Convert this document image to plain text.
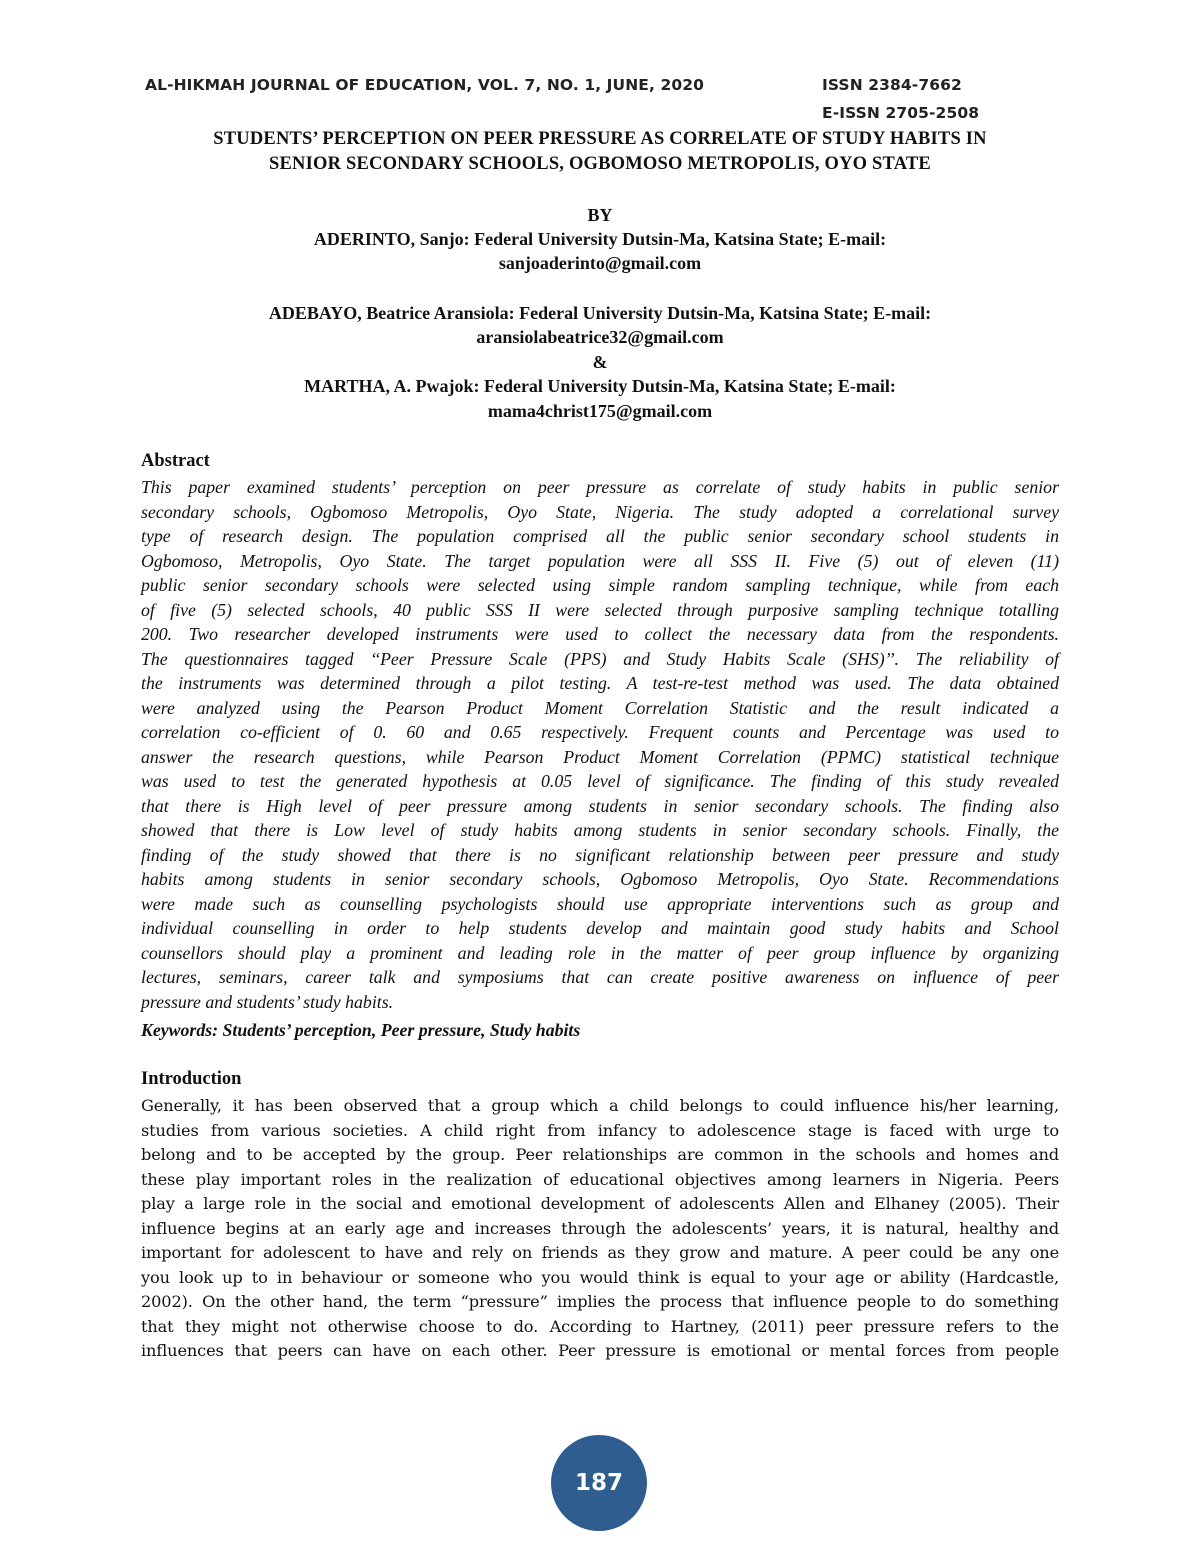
AL-HIKMAH JOURNAL OF EDUCATION, VOL. 7, NO. 1, JUNE, 2020	ISSN 2384-7662
E-ISSN 2705-2508
STUDENTS’ PERCEPTION ON PEER PRESSURE AS CORRELATE OF STUDY HABITS IN
SENIOR SECONDARY SCHOOLS, OGBOMOSO METROPOLIS, OYO STATE
BY
ADERINTO, Sanjo: Federal University Dutsin-Ma, Katsina State; E-mail:
sanjoaderinto@gmail.com
ADEBAYO, Beatrice Aransiola: Federal University Dutsin-Ma, Katsina State; E-mail:
aransiolabeatrice32@gmail.com
&
MARTHA, A. Pwajok: Federal University Dutsin-Ma, Katsina State; E-mail:
mama4christ175@gmail.com
Abstract
This paper examined students’ perception on peer pressure as correlate of study habits in public senior
secondary schools, Ogbomoso Metropolis, Oyo State, Nigeria. The study adopted a correlational survey
type of research design. The population comprised all the public senior secondary school students in
Ogbomoso, Metropolis, Oyo State. The target population were all SSS II. Five (5) out of eleven (11)
public senior secondary schools were selected using simple random sampling technique, while from each
of five (5) selected schools, 40 public SSS II were selected through purposive sampling technique totalling
200. Two researcher developed instruments were used to collect the necessary data from the respondents.
The questionnaires tagged ‘‘Peer Pressure Scale (PPS) and Study Habits Scale (SHS)’’. The reliability of
the instruments was determined through a pilot testing. A test-re-test method was used. The data obtained
were analyzed using the Pearson Product Moment Correlation Statistic and the result indicated a
correlation co-efficient of 0. 60 and 0.65 respectively. Frequent counts and Percentage was used to
answer the research questions, while Pearson Product Moment Correlation (PPMC) statistical technique
was used to test the generated hypothesis at 0.05 level of significance. The finding of this study revealed
that there is High level of peer pressure among students in senior secondary schools. The finding also
showed that there is Low level of study habits among students in senior secondary schools. Finally, the
finding of the study showed that there is no significant relationship between peer pressure and study
habits among students in senior secondary schools, Ogbomoso Metropolis, Oyo State. Recommendations
were made such as counselling psychologists should use appropriate interventions such as group and
individual counselling in order to help students develop and maintain good study habits and School
counsellors should play a prominent and leading role in the matter of peer group influence by organizing
lectures, seminars, career talk and symposiums that can create positive awareness on influence of peer
pressure and students’ study habits.
Keywords: Students’ perception, Peer pressure, Study habits
Introduction
Generally, it has been observed that a group which a child belongs to could influence his/her learning,
studies from various societies. A child right from infancy to adolescence stage is faced with urge to
belong and to be accepted by the group. Peer relationships are common in the schools and homes and
these play important roles in the realization of educational objectives among learners in Nigeria. Peers
play a large role in the social and emotional development of adolescents Allen and Elhaney (2005). Their
influence begins at an early age and increases through the adolescents’ years, it is natural, healthy and
important for adolescent to have and rely on friends as they grow and mature. A peer could be any one
you look up to in behaviour or someone who you would think is equal to your age or ability (Hardcastle,
2002). On the other hand, the term “pressure” implies the process that influence people to do something
that they might not otherwise choose to do. According to Hartney, (2011) peer pressure refers to the
influences that peers can have on each other. Peer pressure is emotional or mental forces from people
187
